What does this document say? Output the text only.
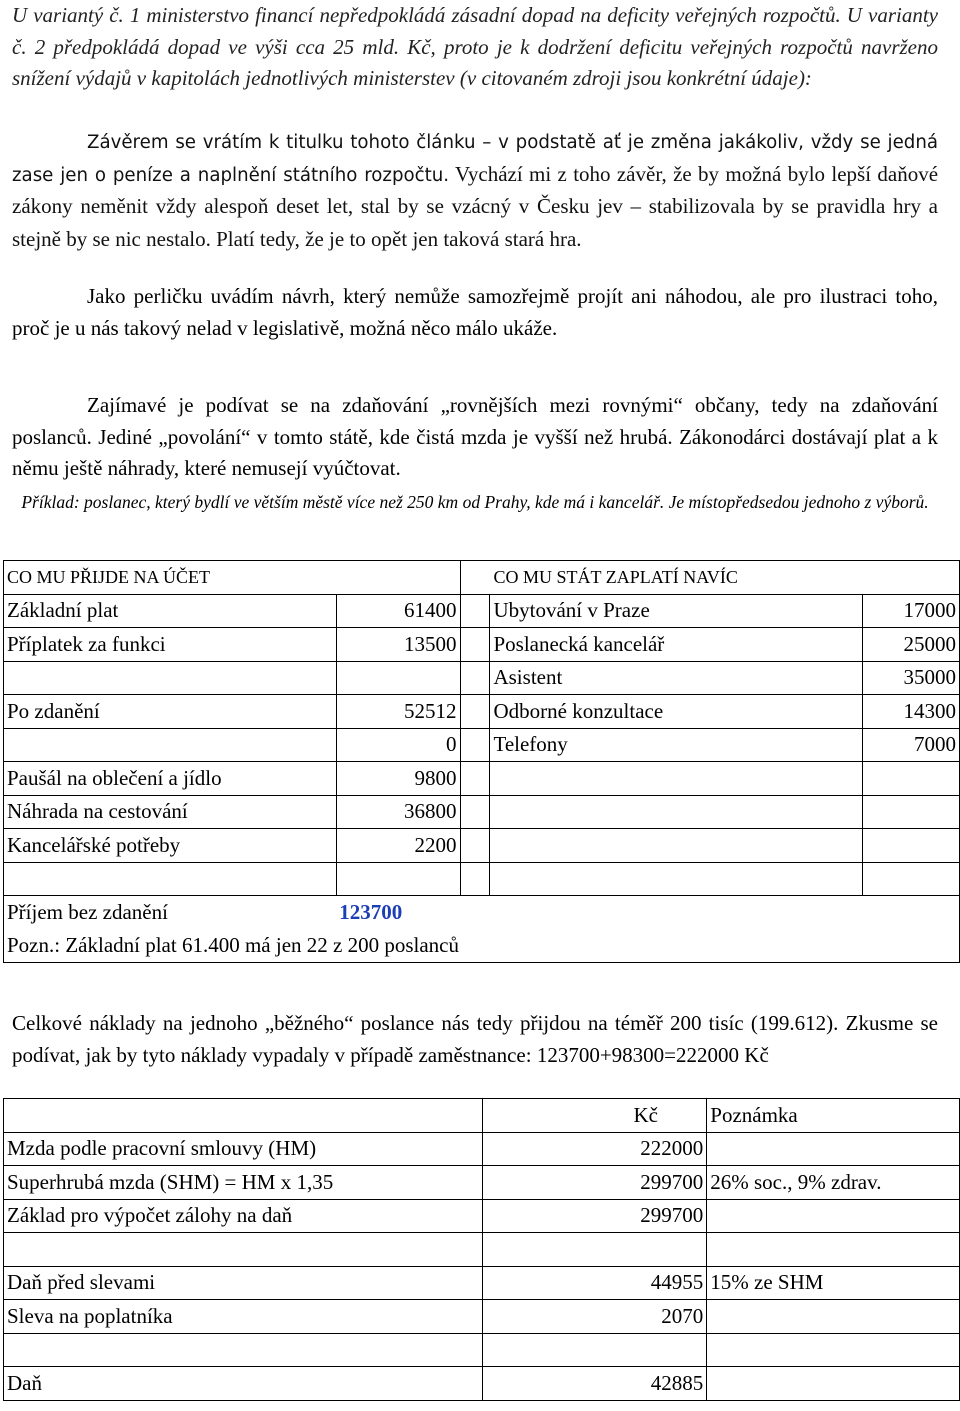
U variantý č. 1 ministerstvo financí nepředpokládá zásadní dopad na deficity veřejných rozpočtů. U varianty č. 2 předpokládá dopad ve výši cca 25 mld. Kč, proto je k dodržení deficitu veřejných rozpočtů navrženo snížení výdajů v kapitolách jednotlivých ministerstev (v citovaném zdroji jsou konkrétní údaje):

Závěrem se vrátím k titulku tohoto článku – v podstatě ať je změna jakákoliv, vždy se jedná zase jen o peníze a naplnění státního rozpočtu. Vychází mi z toho závěr, že by možná bylo lepší daňové zákony neměnit vždy alespoň deset let, stal by se vzácný v Česku jev – stabilizovala by se pravidla hry a stejně by se nic nestalo. Platí tedy, že je to opět jen taková stará hra.

Jako perličku uvádím návrh, který nemůže samozřejmě projít ani náhodou, ale pro ilustraci toho, proč je u nás takový nelad v legislativě, možná něco málo ukáže.

Zajímavé je podívat se na zdaňování „rovnějších mezi rovnými“ občany, tedy na zdaňování poslanců. Jediné „povolání“ v tomto státě, kde čistá mzda je vyšší než hrubá. Zákonodárci dostávají plat a k němu ještě náhrady, které nemusejí vyúčtovat.

Příklad: poslanec, který bydlí ve větším městě více než 250 km od Prahy, kde má i kancelář. Je místopředsedou jednoho z výborů.

CO MU PŘIJDE NA ÚČET		CO MU STÁT ZAPLATÍ NAVÍC		
Základní plat	61400		Ubytování v Praze	17000
Příplatek za funkci	13500		Poslanecká kancelář	25000
			Asistent	35000
Po zdanění	52512		Odborné konzultace	14300
	0		Telefony	7000
Paušál na oblečení a jídlo	9800			
Náhrada na cestování	36800			
Kancelářské potřeby	2200			

Příjem bez zdanění	123700			
Pozn.: Základní plat 61.400 má jen 22 z 200 poslanců				
	Kč	Poznámka
Mzda podle pracovní smlouvy (HM)	222000	
Superhrubá mzda (SHM) = HM x 1,35	299700	26% soc., 9% zdrav.
Základ pro výpočet zálohy na daň	299700	

Daň před slevami	44955	15% ze SHM
Sleva na poplatníka	2070	

Daň	42885	

Celkové náklady na jednoho „běžného“ poslance nás tedy přijdou na téměř 200 tisíc (199.612). Zkusme se podívat, jak by tyto náklady vypadaly v případě zaměstnance: 123700+98300=222000 Kč
